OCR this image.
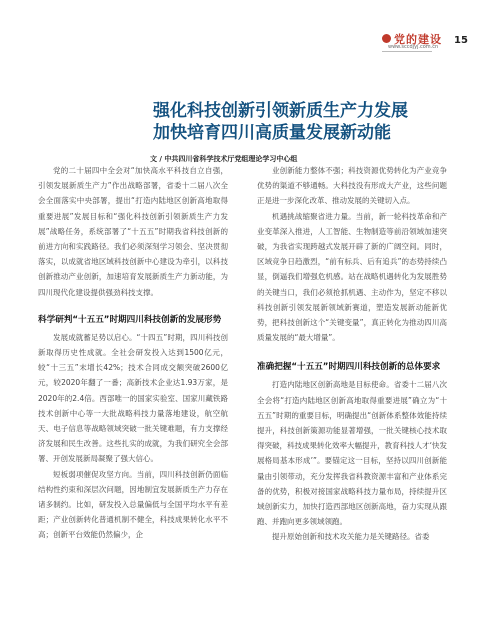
党的建设
www.sccdjyj.com.cn
15
强化科技创新引领新质生产力发展
加快培育四川高质量发展新动能
文 / 中共四川省科学技术厅党组理论学习中心组

党的二十届四中全会对“加快高水平科技自立自强，引领发展新质生产力”作出战略部署，省委十二届八次全会全面落实中央部署，提出“打造内陆地区创新高地取得重要进展”发展目标和“强化科技创新引领新质生产力发展”战略任务，系统部署了“十五五”时期我省科技创新的前进方向和实践路径。我们必须深刻学习领会、坚决贯彻落实，以成就省地区域科技创新中心建设为牵引，以科技创新推动产业创新，加速培育发展新质生产力新动能，为四川现代化建设提供强劲科技支撑。

科学研判“十五五”时期四川科技创新的发展形势

发展成就蓄足势以启心。“十四五”时期，四川科技创新取得历史性成就。全社会研发投入达到1500亿元，较“十三五”末增长42%；技术合同成交额突破2600亿元，较2020年翻了一番；高新技术企业达1.93万家，是2020年的2.4倍。西部唯一的国家实验室、国家川藏铁路技术创新中心等一大批战略科技力量落地建设，航空航天、电子信息等战略领域突破一批关键难题，有力支撑经济发展和民生改善。这些扎实的成就，为我们研究全会部署、开创发展新局凝聚了强大信心。

短板弱项催促攻坚方向。当前，四川科技创新仍面临结构性约束和深层次问题，因地制宜发展新质生产力存在诸多制约。比如，研发投入总量偏低与全国平均水平有差距；产业创新转化普通机制不健全，科技成果转化水平不高；创新平台效能仍然偏少，企

业创新能力整体不强；科技资源优势转化为产业竞争优势的渠道不够通畅。大科技没有形成大产业，这些问题正是进一步深化改革、推动发展的关键切入点。

机遇挑战缩聚省进力量。当前，新一轮科技革命和产业变革深入推进，人工智能、生物制造等前沿领域加速突破，为我省实现跨越式发展开辟了新的广阔空间。同时，区域竞争日趋激烈，“前有标兵、后有追兵”的态势持续凸显，倒逼我们增强危机感。站在战略机遇转化为发展胜势的关键当口，我们必须抢抓机遇、主动作为，坚定不移以科技创新引领发展新领域新赛道，塑造发展新动能新优势，把科技创新这个“关键变量”，真正转化为推动四川高质量发展的“最大增量”。

准确把握“十五五”时期四川科技创新的总体要求

打造内陆地区创新高地是目标使命。省委十二届八次全会将“打造内陆地区创新高地取得重要进展”确立为“十五五”时期的重要目标，明确提出“创新体系整体效能持续提升，科技创新策源功能显著增强，一批关键核心技术取得突破，科技成果转化效率大幅提升，教育科技人才‘快发展格局基本形成’”。要锚定这一目标，坚持以四川创新能量由引领带动，充分发挥我省科教资源丰富和产业体系完备的优势，积极对接国家战略科技力量布局，持续提升区域创新实力，加快打造西部地区创新高地，奋力实现从跟跑、并跑向更多领域领跑。

提升原始创新和技术攻关能力是关键路径。省委
